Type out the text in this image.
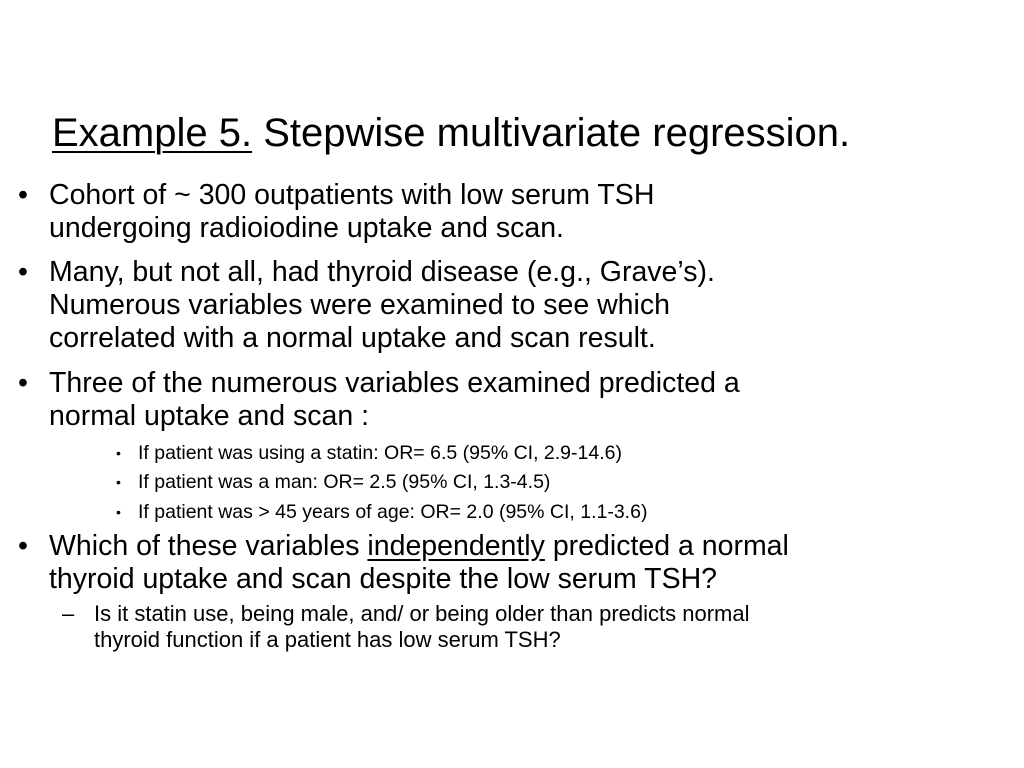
Example 5. Stepwise multivariate regression.
• Cohort of ~ 300 outpatients with low serum TSH
undergoing radioiodine uptake and scan.
• Many, but not all, had thyroid disease (e.g., Grave’s).
Numerous variables were examined to see which
correlated with a normal uptake and scan result.
• Three of the numerous variables examined predicted a
normal uptake and scan :
• If patient was using a statin: OR= 6.5 (95% CI, 2.9-14.6)
• If patient was a man: OR= 2.5 (95% CI, 1.3-4.5)
• If patient was > 45 years of age: OR= 2.0 (95% CI, 1.1-3.6)
• Which of these variables independently predicted a normal
thyroid uptake and scan despite the low serum TSH?
– Is it statin use, being male, and/ or being older than predicts normal
thyroid function if a patient has low serum TSH?
